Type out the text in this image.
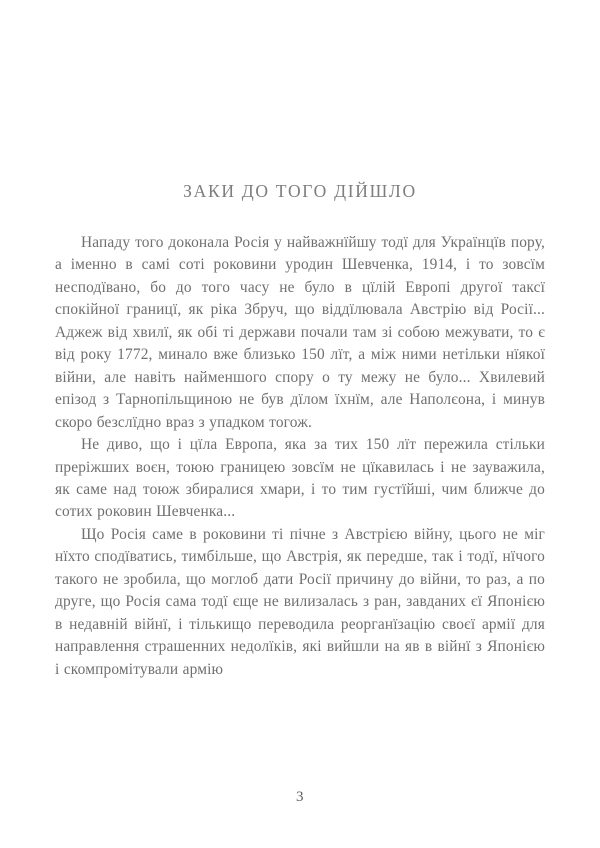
ЗАКИ ДО ТОГО ДІЙШЛО

Нападу того доконала Росія у найважнїйшу тодї для Українцїв пору, а іменно в самі соті роковини уродин Шевченка, 1914, і то зовсїм несподївано, бо до того часу не було в цїлій Европі другої таксї спокійної границї, як ріка Збруч, що віддїлювала Австрію від Росії... Аджеж від хвилї, як обі ті держави почали там зі собою межувати, то є від року 1772, минало вже близько 150 лїт, а між ними нетільки нїякої війни, але навіть найменшого спору о ту межу не було... Хвилевий епізод з Тарнопільщиною не був дїлом їхнїм, але Наполєона, і минув скоро безслїдно враз з упадком тогож.

Не диво, що і цїла Европа, яка за тих 150 лїт пережила стільки преріжших воєн, тоюю границею зовсїм не цїкавилась і не зауважила, як саме над тоюж збиралися хмари, і то тим густїйші, чим ближче до сотих роковин Шевченка...

Що Росія саме в роковини ті пічне з Австрією війну, цього не міг нїхто сподїватись, тимбільше, що Австрія, як передше, так і тодї, нїчого такого не зробила, що моглоб дати Росії причину до війни, то раз, а по друге, що Росія сама тодї єще не вилизалась з ран, завданих єї Японією в недавній війнї, і тількищо переводила реорганїзацію своєї армії для направлення страшенних недолїків, які вийшли на яв в війнї з Японією і скомпромітували армію

3
